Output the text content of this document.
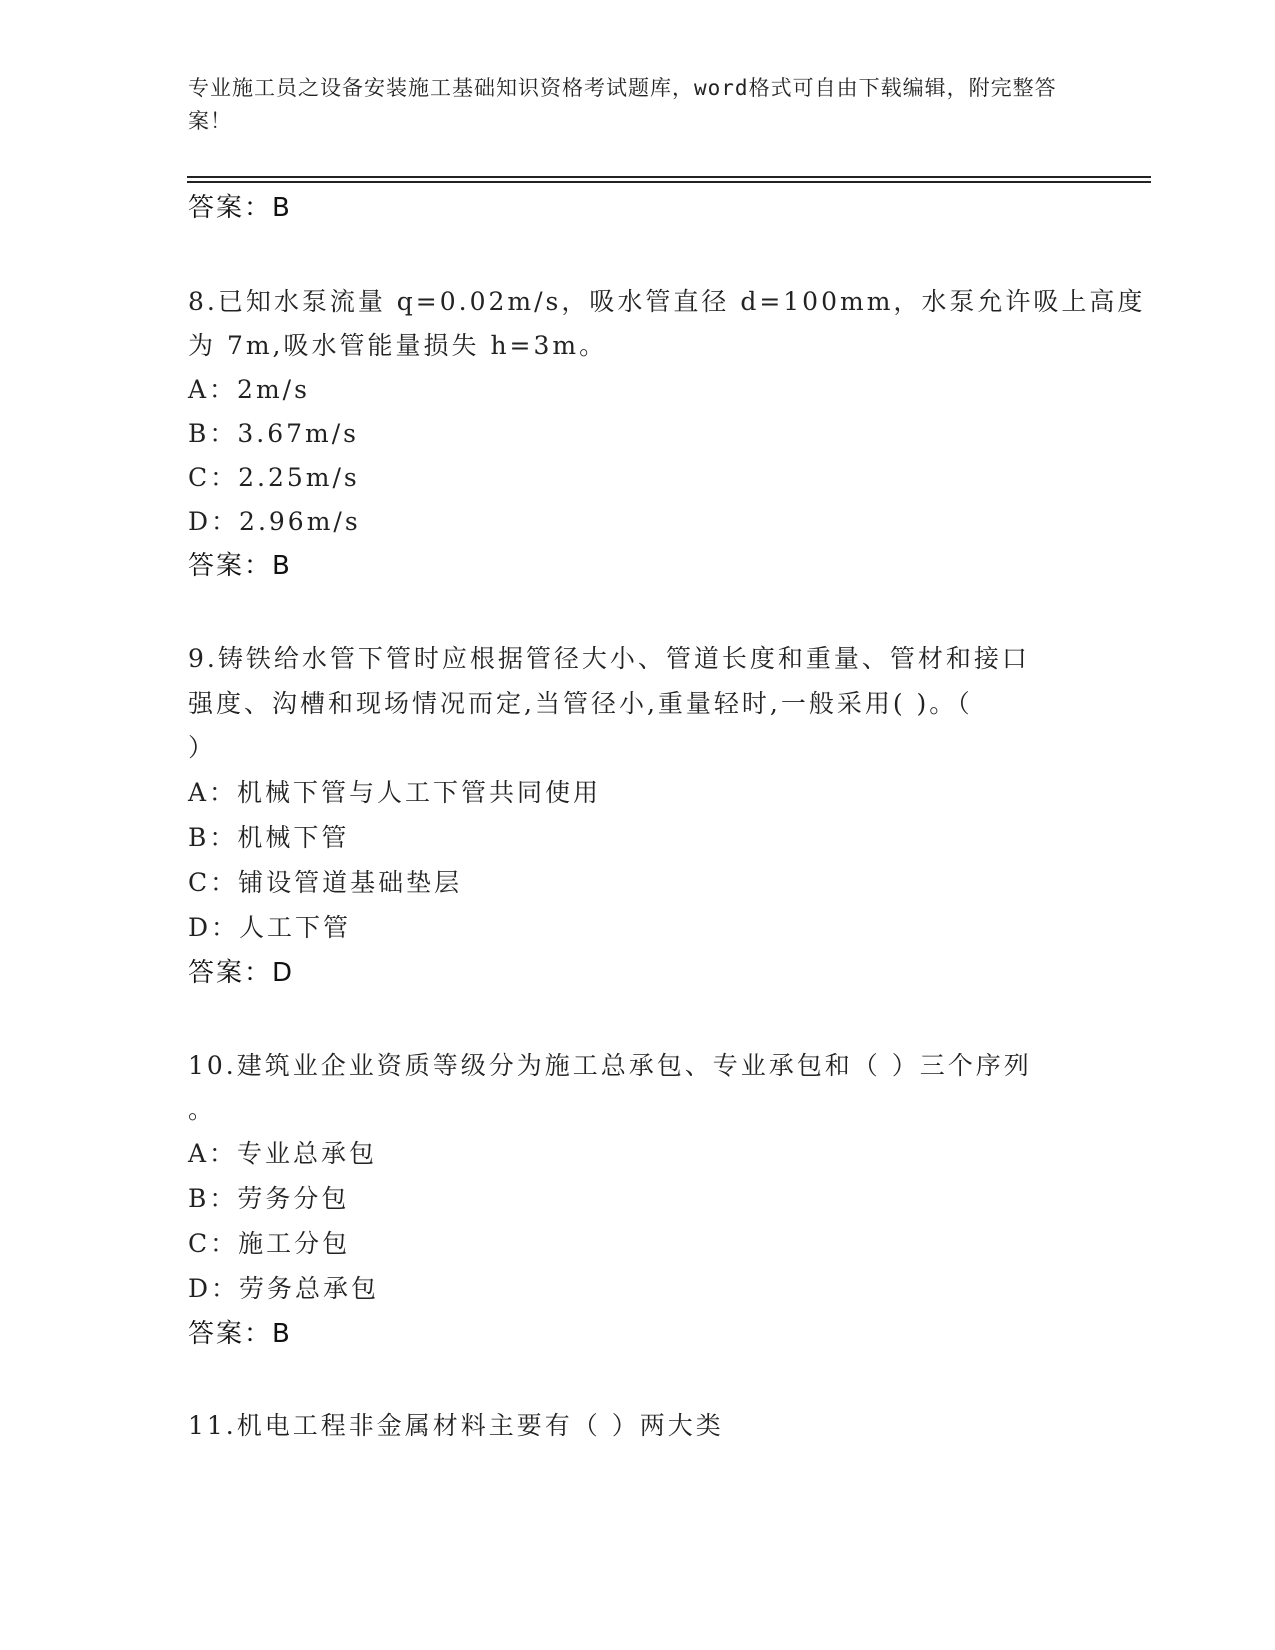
专业施工员之设备安装施工基础知识资格考试题库，word格式可自由下载编辑，附完整答案！
答案：B
8.已知水泵流量 q=0.02m/s，吸水管直径 d=100mm，水泵允许吸上高度
为 7m,吸水管能量损失 h=3m。
A：2m/s
B：3.67m/s
C：2.25m/s
D：2.96m/s
答案：B
9.铸铁给水管下管时应根据管径大小、管道长度和重量、管材和接口
强度、沟槽和现场情况而定,当管径小,重量轻时,一般采用( )。（
）
A：机械下管与人工下管共同使用
B：机械下管
C：铺设管道基础垫层
D：人工下管
答案：D
10.建筑业企业资质等级分为施工总承包、专业承包和（ ）三个序列
。
A：专业总承包
B：劳务分包
C：施工分包
D：劳务总承包
答案：B
11.机电工程非金属材料主要有（ ）两大类
